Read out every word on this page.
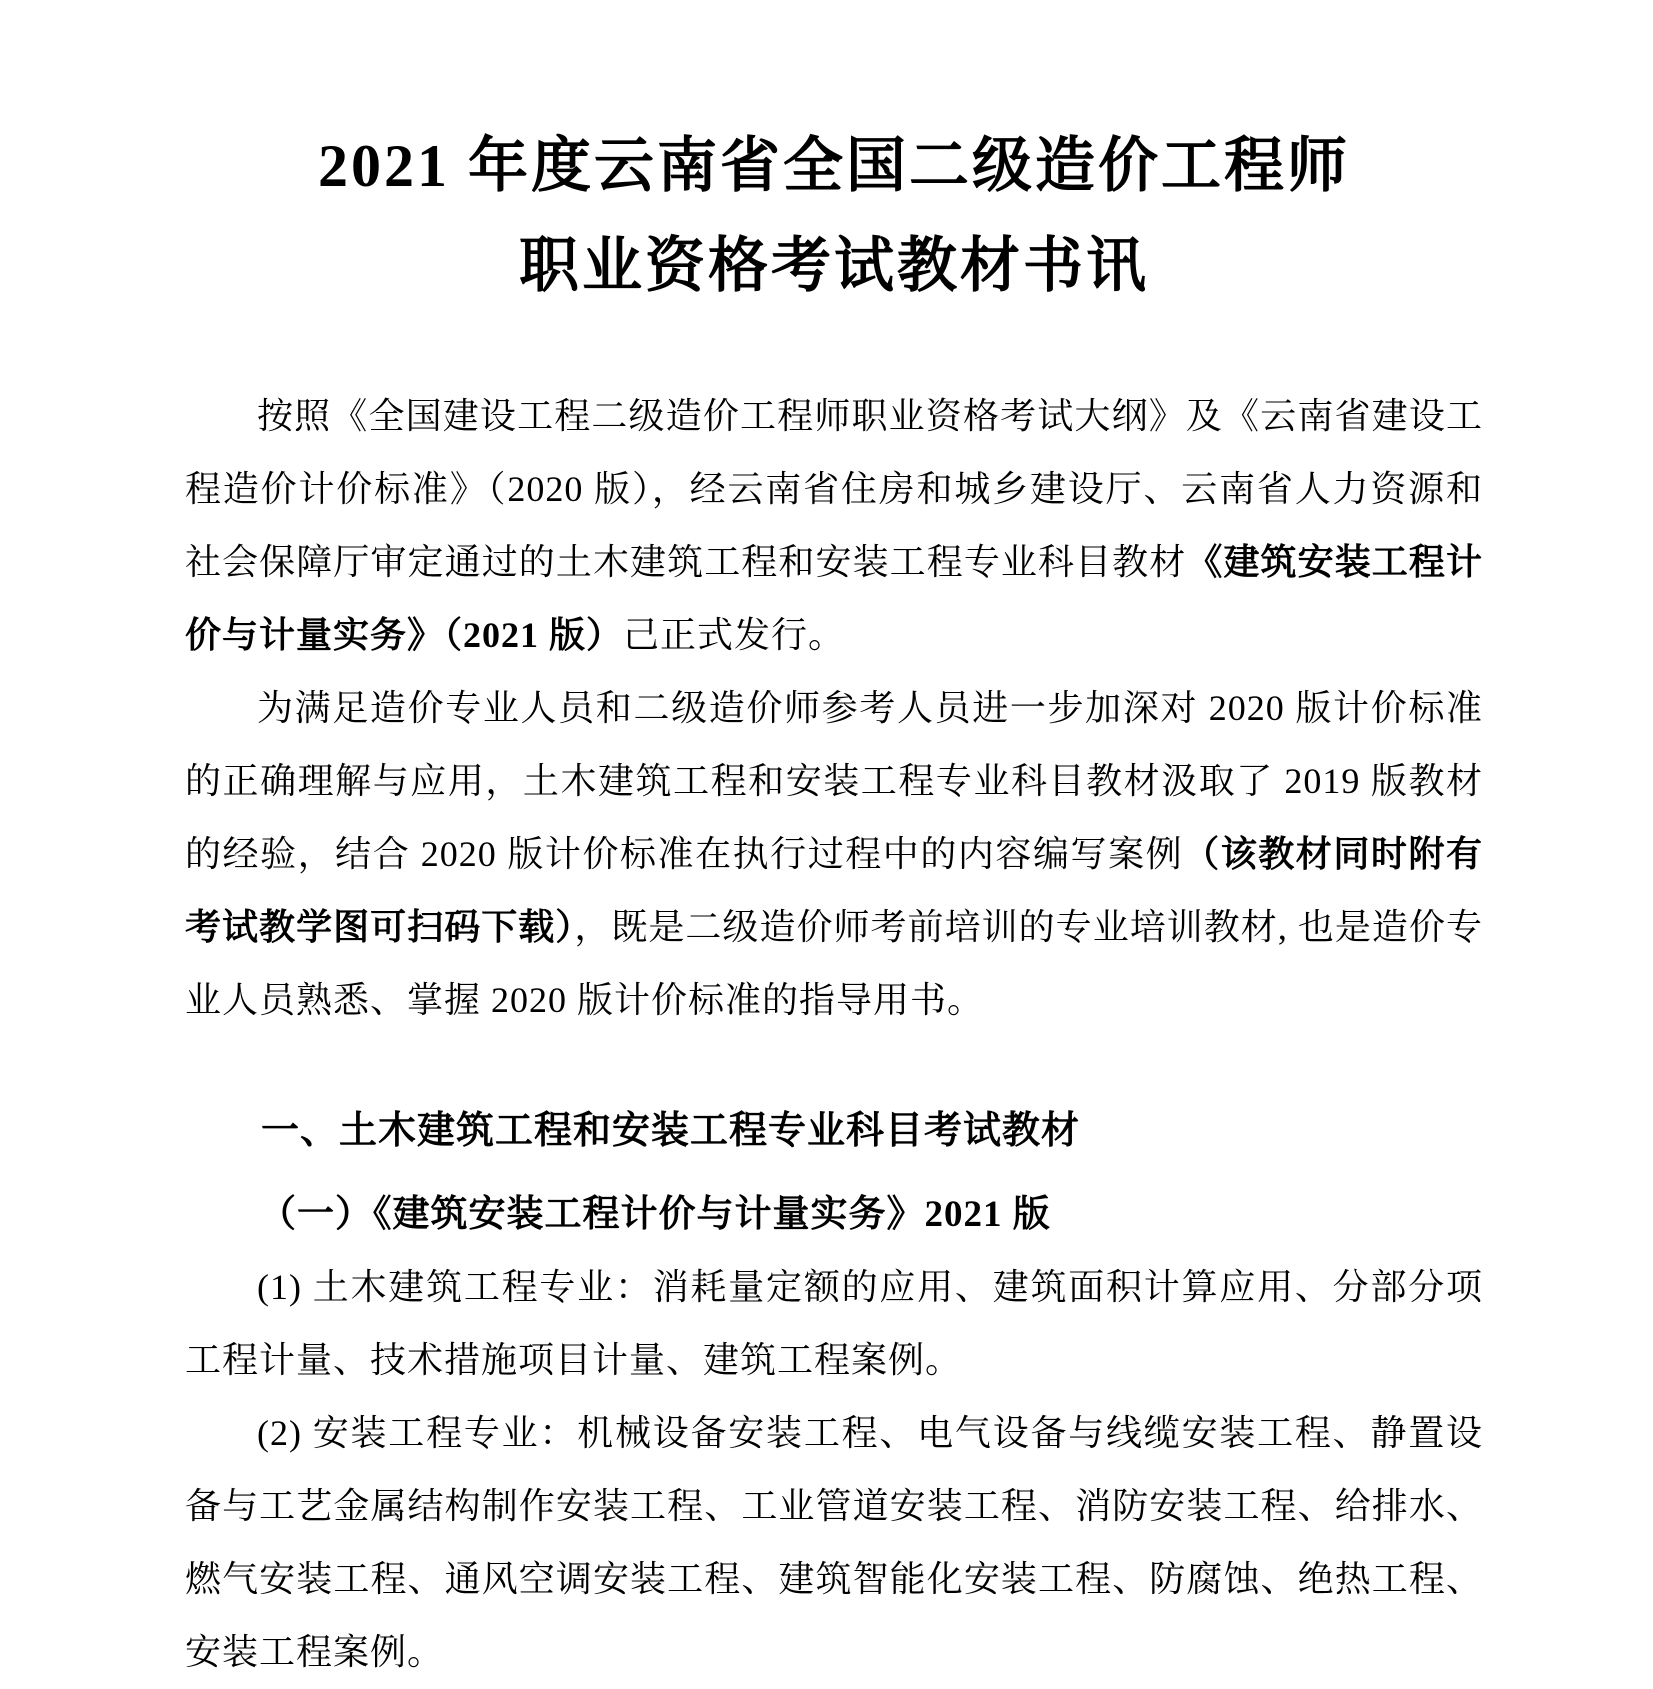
2021 年度云南省全国二级造价工程师
职业资格考试教材书讯

按照《全国建设工程二级造价工程师职业资格考试大纲》及《云南省建设工程造价计价标准》（2020 版），经云南省住房和城乡建设厅、云南省人力资源和社会保障厅审定通过的土木建筑工程和安装工程专业科目教材《建筑安装工程计价与计量实务》（2021 版）己正式发行。

为满足造价专业人员和二级造价师参考人员进一步加深对 2020 版计价标准的正确理解与应用，土木建筑工程和安装工程专业科目教材汲取了 2019 版教材的经验，结合 2020 版计价标准在执行过程中的内容编写案例（该教材同时附有考试教学图可扫码下载），既是二级造价师考前培训的专业培训教材, 也是造价专业人员熟悉、掌握 2020 版计价标准的指导用书。

一、土木建筑工程和安装工程专业科目考试教材
（一）《建筑安装工程计价与计量实务》2021 版

(1) 土木建筑工程专业：消耗量定额的应用、建筑面积计算应用、分部分项工程计量、技术措施项目计量、建筑工程案例。

(2) 安装工程专业：机械设备安装工程、电气设备与线缆安装工程、静置设备与工艺金属结构制作安装工程、工业管道安装工程、消防安装工程、给排水、燃气安装工程、通风空调安装工程、建筑智能化安装工程、防腐蚀、绝热工程、安装工程案例。
